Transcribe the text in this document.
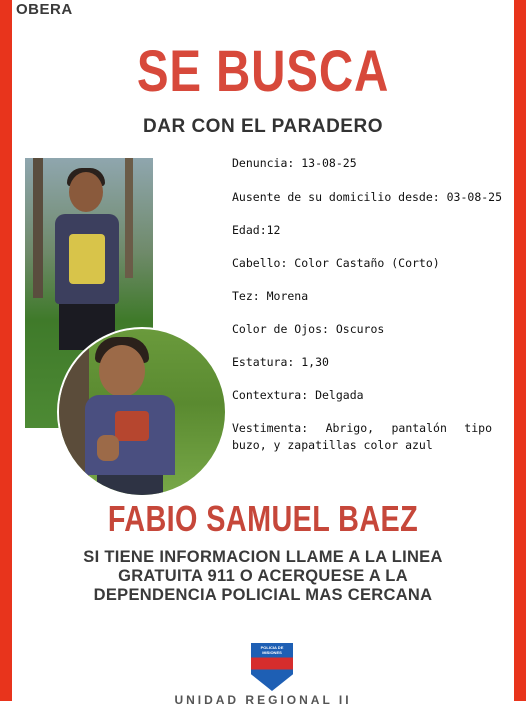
OBERA
SE BUSCA
DAR CON EL PARADERO
Denuncia: 13-08-25
Ausente de su domicilio desde: 03-08-25
Edad:12
Cabello: Color Castaño (Corto)
Tez: Morena
Color de Ojos: Oscuros
Estatura: 1,30
Contextura: Delgada
Vestimenta: Abrigo, pantalón tipo buzo, y zapatillas color azul
FABIO SAMUEL BAEZ
SI TIENE INFORMACION LLAME A LA LINEA GRATUITA 911 O ACERQUESE A LA DEPENDENCIA POLICIAL MAS CERCANA
POLICIA DE MISIONES
UNIDAD REGIONAL II
